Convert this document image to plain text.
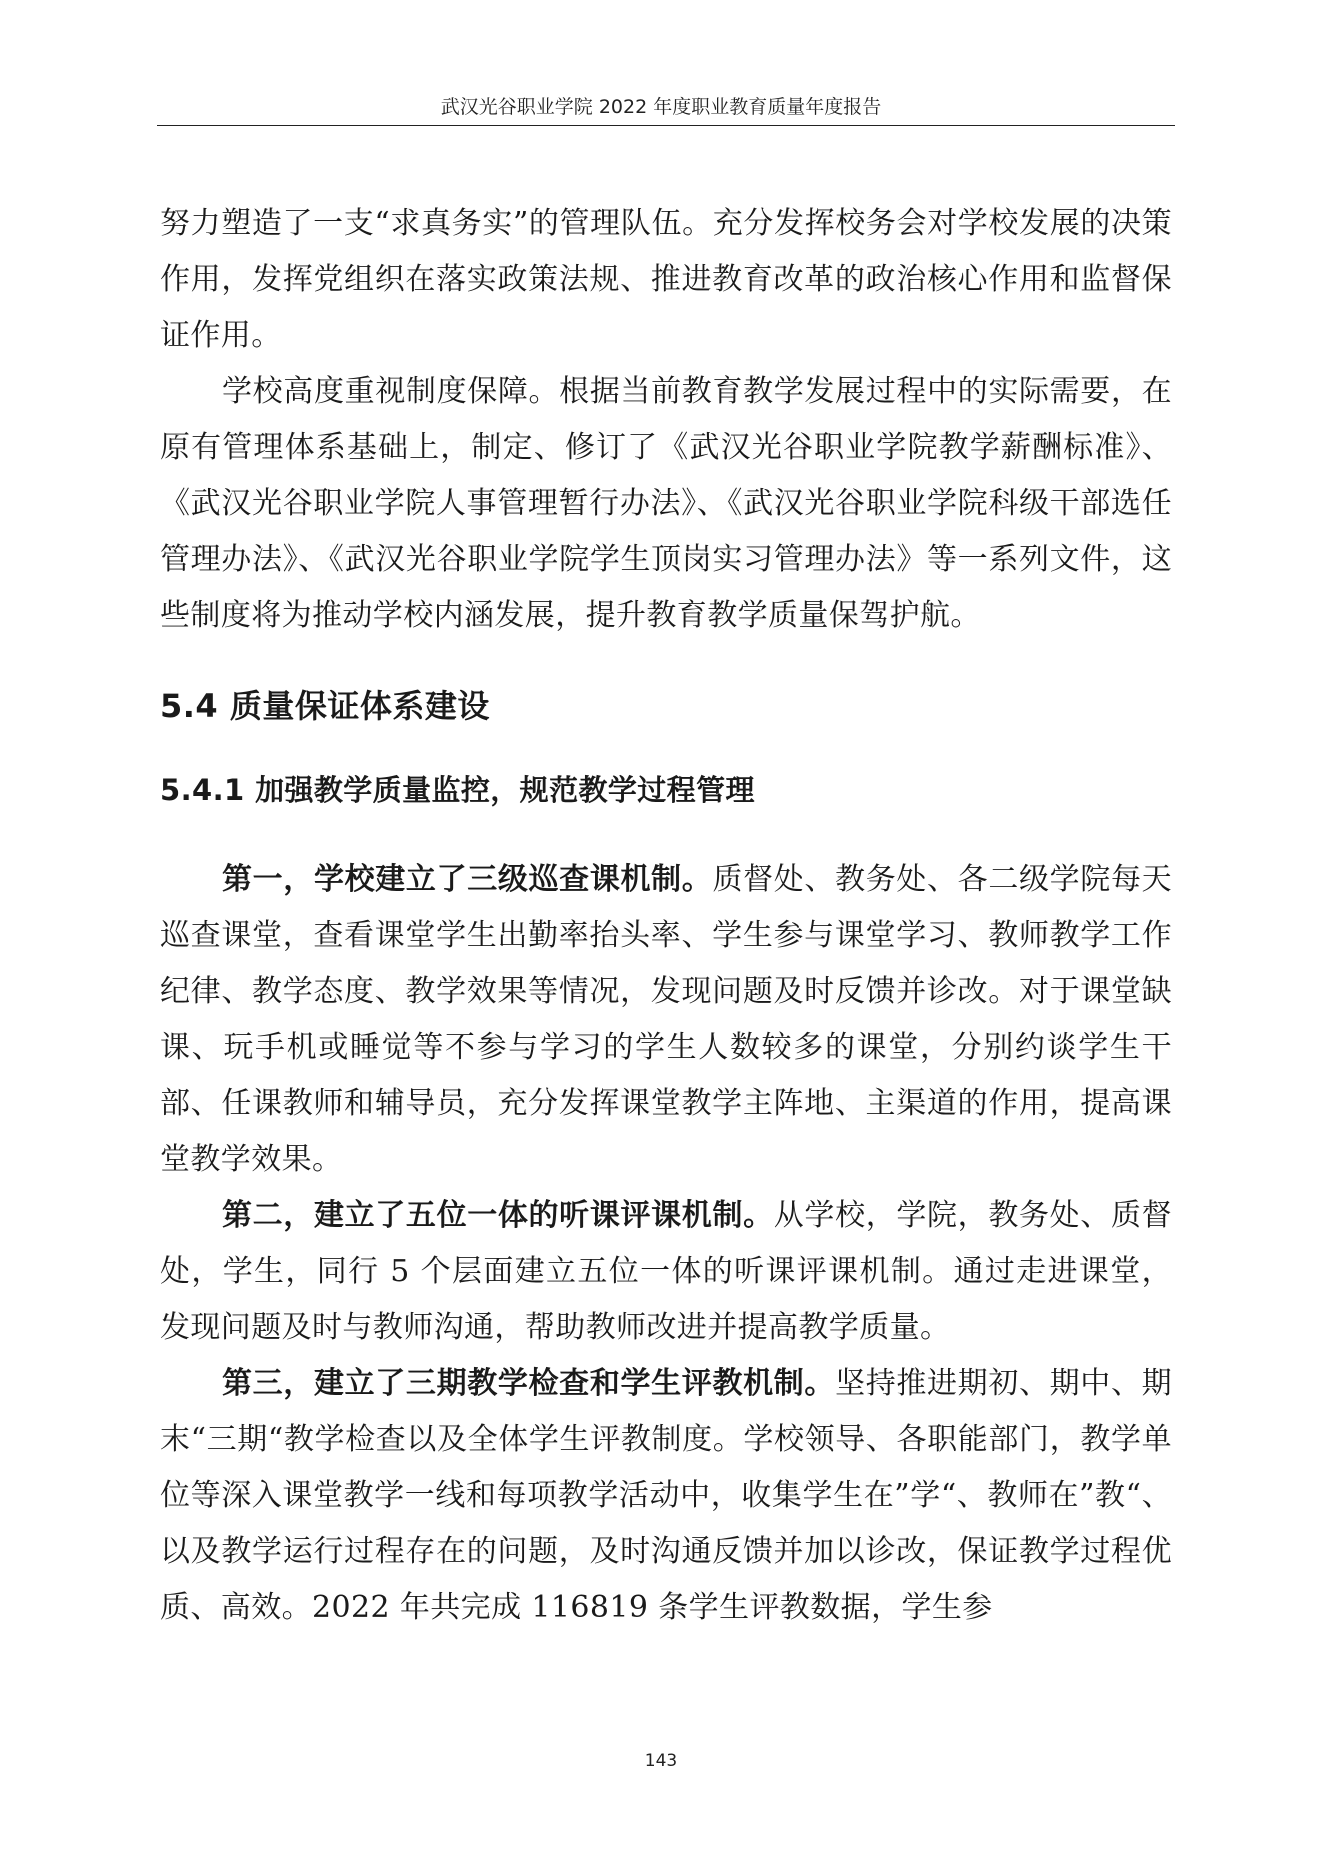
武汉光谷职业学院 2022 年度职业教育质量年度报告

努力塑造了一支“求真务实”的管理队伍。充分发挥校务会对学校发展的决策作用，发挥党组织在落实政策法规、推进教育改革的政治核心作用和监督保证作用。

学校高度重视制度保障。根据当前教育教学发展过程中的实际需要，在原有管理体系基础上，制定、修订了《武汉光谷职业学院教学薪酬标准》、《武汉光谷职业学院人事管理暂行办法》、《武汉光谷职业学院科级干部选任管理办法》、《武汉光谷职业学院学生顶岗实习管理办法》等一系列文件，这些制度将为推动学校内涵发展，提升教育教学质量保驾护航。

5.4 质量保证体系建设
5.4.1 加强教学质量监控，规范教学过程管理

第一，学校建立了三级巡查课机制。质督处、教务处、各二级学院每天巡查课堂，查看课堂学生出勤率抬头率、学生参与课堂学习、教师教学工作纪律、教学态度、教学效果等情况，发现问题及时反馈并诊改。对于课堂缺课、玩手机或睡觉等不参与学习的学生人数较多的课堂，分别约谈学生干部、任课教师和辅导员，充分发挥课堂教学主阵地、主渠道的作用，提高课堂教学效果。

第二，建立了五位一体的听课评课机制。从学校，学院，教务处、质督处，学生，同行 5 个层面建立五位一体的听课评课机制。通过走进课堂，发现问题及时与教师沟通，帮助教师改进并提高教学质量。

第三，建立了三期教学检查和学生评教机制。坚持推进期初、期中、期末“三期“教学检查以及全体学生评教制度。学校领导、各职能部门，教学单位等深入课堂教学一线和每项教学活动中，收集学生在”学“、教师在”教“、以及教学运行过程存在的问题，及时沟通反馈并加以诊改，保证教学过程优质、高效。2022 年共完成 116819 条学生评教数据，学生参

143
